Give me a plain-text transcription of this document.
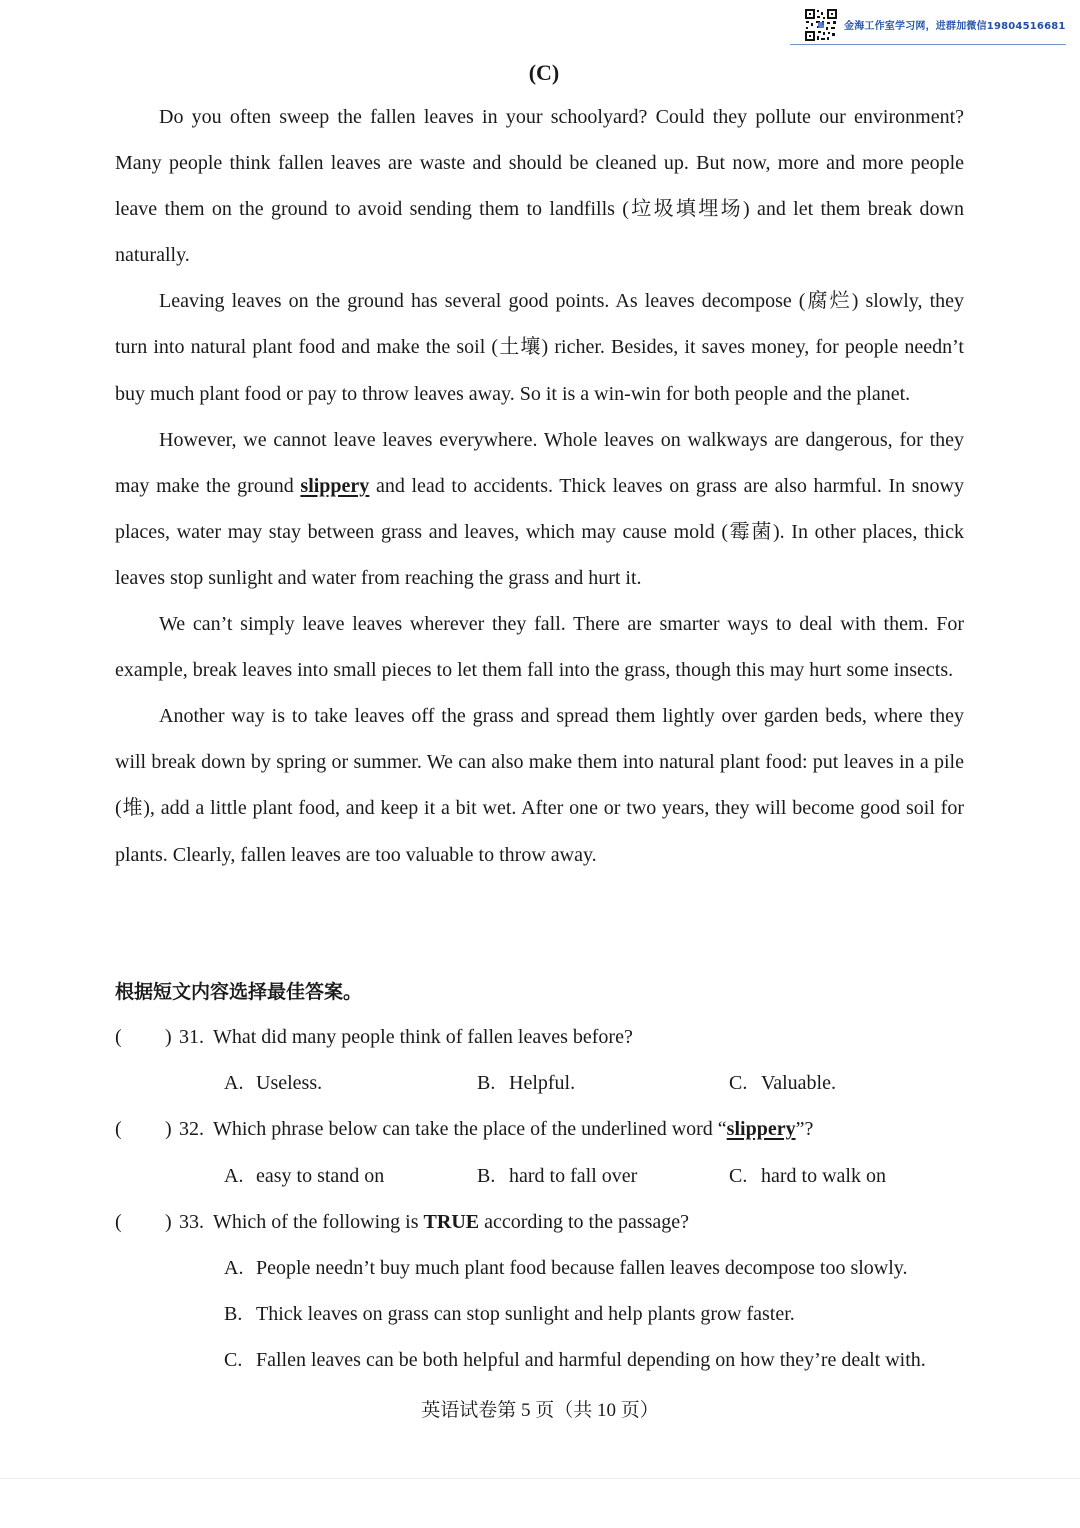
金海工作室学习网，进群加微信19804516681
(C)

Do you often sweep the fallen leaves in your schoolyard? Could they pollute our environment? Many people think fallen leaves are waste and should be cleaned up. But now, more and more people leave them on the ground to avoid sending them to landfills (垃圾填埋场) and let them break down naturally.

Leaving leaves on the ground has several good points. As leaves decompose (腐烂) slowly, they turn into natural plant food and make the soil (土壤) richer. Besides, it saves money, for people needn’t buy much plant food or pay to throw leaves away. So it is a win-win for both people and the planet.

However, we cannot leave leaves everywhere. Whole leaves on walkways are dangerous, for they may make the ground slippery and lead to accidents. Thick leaves on grass are also harmful. In snowy places, water may stay between grass and leaves, which may cause mold (霉菌). In other places, thick leaves stop sunlight and water from reaching the grass and hurt it.

We can’t simply leave leaves wherever they fall. There are smarter ways to deal with them. For example, break leaves into small pieces to let them fall into the grass, though this may hurt some insects.

Another way is to take leaves off the grass and spread them lightly over garden beds, where they will break down by spring or summer. We can also make them into natural plant food: put leaves in a pile (堆), add a little plant food, and keep it a bit wet. After one or two years, they will become good soil for plants. Clearly, fallen leaves are too valuable to throw away.

根据短文内容选择最佳答案。
( ) 31. What did many people think of fallen leaves before?
A. Useless.	B. Helpful.	C. Valuable.
( ) 32. Which phrase below can take the place of the underlined word “slippery”?
A. easy to stand on	B. hard to fall over	C. hard to walk on
( ) 33. Which of the following is TRUE according to the passage?
A. People needn’t buy much plant food because fallen leaves decompose too slowly.
B. Thick leaves on grass can stop sunlight and help plants grow faster.
C. Fallen leaves can be both helpful and harmful depending on how they’re dealt with.
英语试卷第 5 页（共 10 页）
